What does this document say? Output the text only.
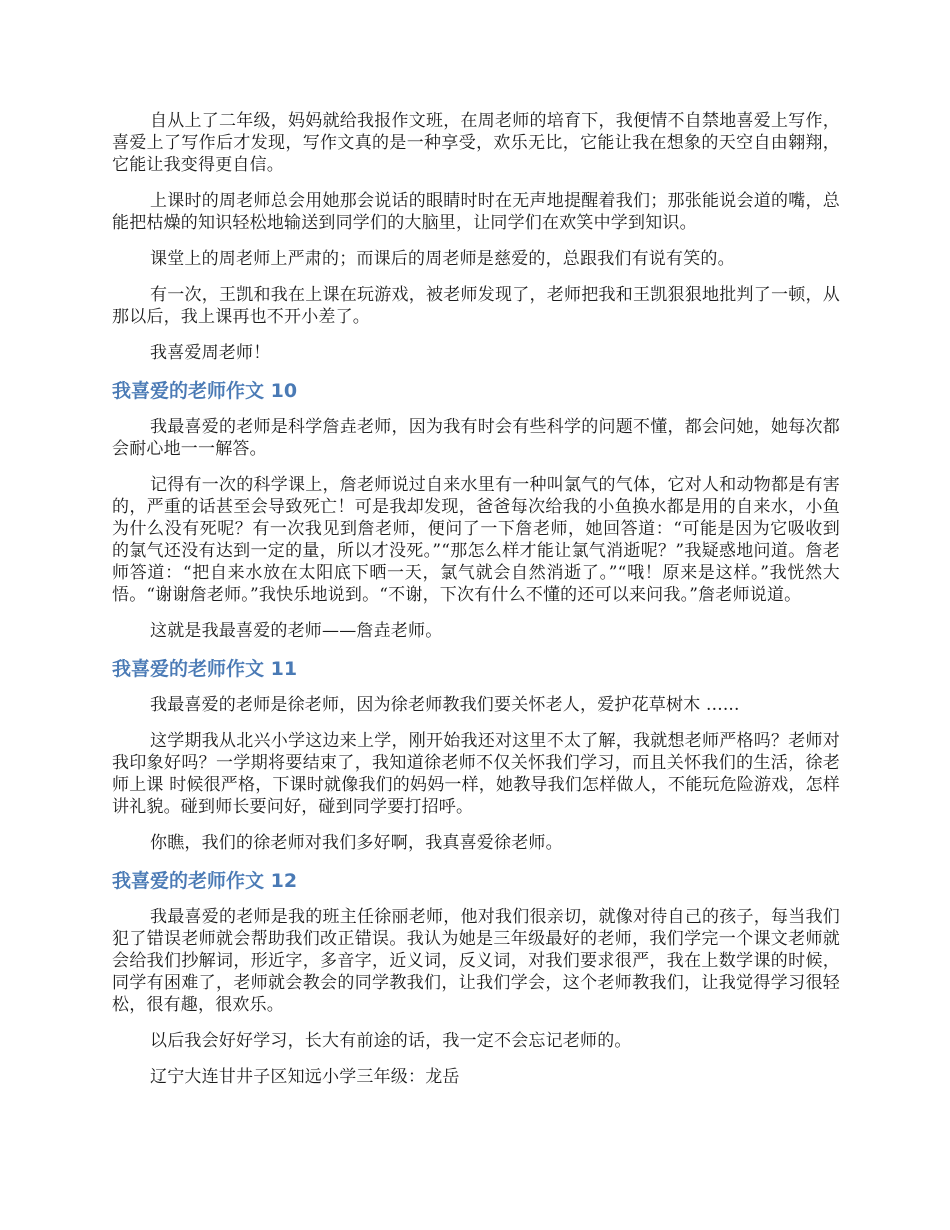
自从上了二年级，妈妈就给我报作文班，在周老师的培育下，我便情不自禁地喜爱上写作，喜爱上了写作后才发现，写作文真的是一种享受，欢乐无比，它能让我在想象的天空自由翱翔，它能让我变得更自信。

上课时的周老师总会用她那会说话的眼睛时时在无声地提醒着我们；那张能说会道的嘴，总能把枯燥的知识轻松地输送到同学们的大脑里，让同学们在欢笑中学到知识。

课堂上的周老师上严肃的；而课后的周老师是慈爱的，总跟我们有说有笑的。

有一次，王凯和我在上课在玩游戏，被老师发现了，老师把我和王凯狠狠地批判了一顿，从那以后，我上课再也不开小差了。

我喜爱周老师！

我喜爱的老师作文 10

我最喜爱的老师是科学詹垚老师，因为我有时会有些科学的问题不懂，都会问她，她每次都会耐心地一一解答。

记得有一次的科学课上，詹老师说过自来水里有一种叫氯气的气体，它对人和动物都是有害的，严重的话甚至会导致死亡！可是我却发现，爸爸每次给我的小鱼换水都是用的自来水，小鱼为什么没有死呢？有一次我见到詹老师，便问了一下詹老师，她回答道：“可能是因为它吸收到的氯气还没有达到一定的量，所以才没死。”“那怎么样才能让氯气消逝呢？”我疑惑地问道。詹老师答道：“把自来水放在太阳底下晒一天，氯气就会自然消逝了。”“哦！原来是这样。”我恍然大悟。“谢谢詹老师。”我快乐地说到。“不谢，下次有什么不懂的还可以来问我。”詹老师说道。

这就是我最喜爱的老师——詹垚老师。

我喜爱的老师作文 11

我最喜爱的老师是徐老师，因为徐老师教我们要关怀老人，爱护花草树木 ......

这学期我从北兴小学这边来上学，刚开始我还对这里不太了解，我就想老师严格吗？老师对我印象好吗？一学期将要结束了，我知道徐老师不仅关怀我们学习，而且关怀我们的生活，徐老师上课 时候很严格，下课时就像我们的妈妈一样，她教导我们怎样做人，不能玩危险游戏，怎样讲礼貌。碰到师长要问好，碰到同学要打招呼。

你瞧，我们的徐老师对我们多好啊，我真喜爱徐老师。

我喜爱的老师作文 12

我最喜爱的老师是我的班主任徐丽老师，他对我们很亲切，就像对待自己的孩子，每当我们犯了错误老师就会帮助我们改正错误。我认为她是三年级最好的老师，我们学完一个课文老师就会给我们抄解词，形近字，多音字，近义词，反义词，对我们要求很严，我在上数学课的时候，同学有困难了，老师就会教会的同学教我们，让我们学会，这个老师教我们，让我觉得学习很轻松，很有趣，很欢乐。

以后我会好好学习，长大有前途的话，我一定不会忘记老师的。

辽宁大连甘井子区知远小学三年级：龙岳
